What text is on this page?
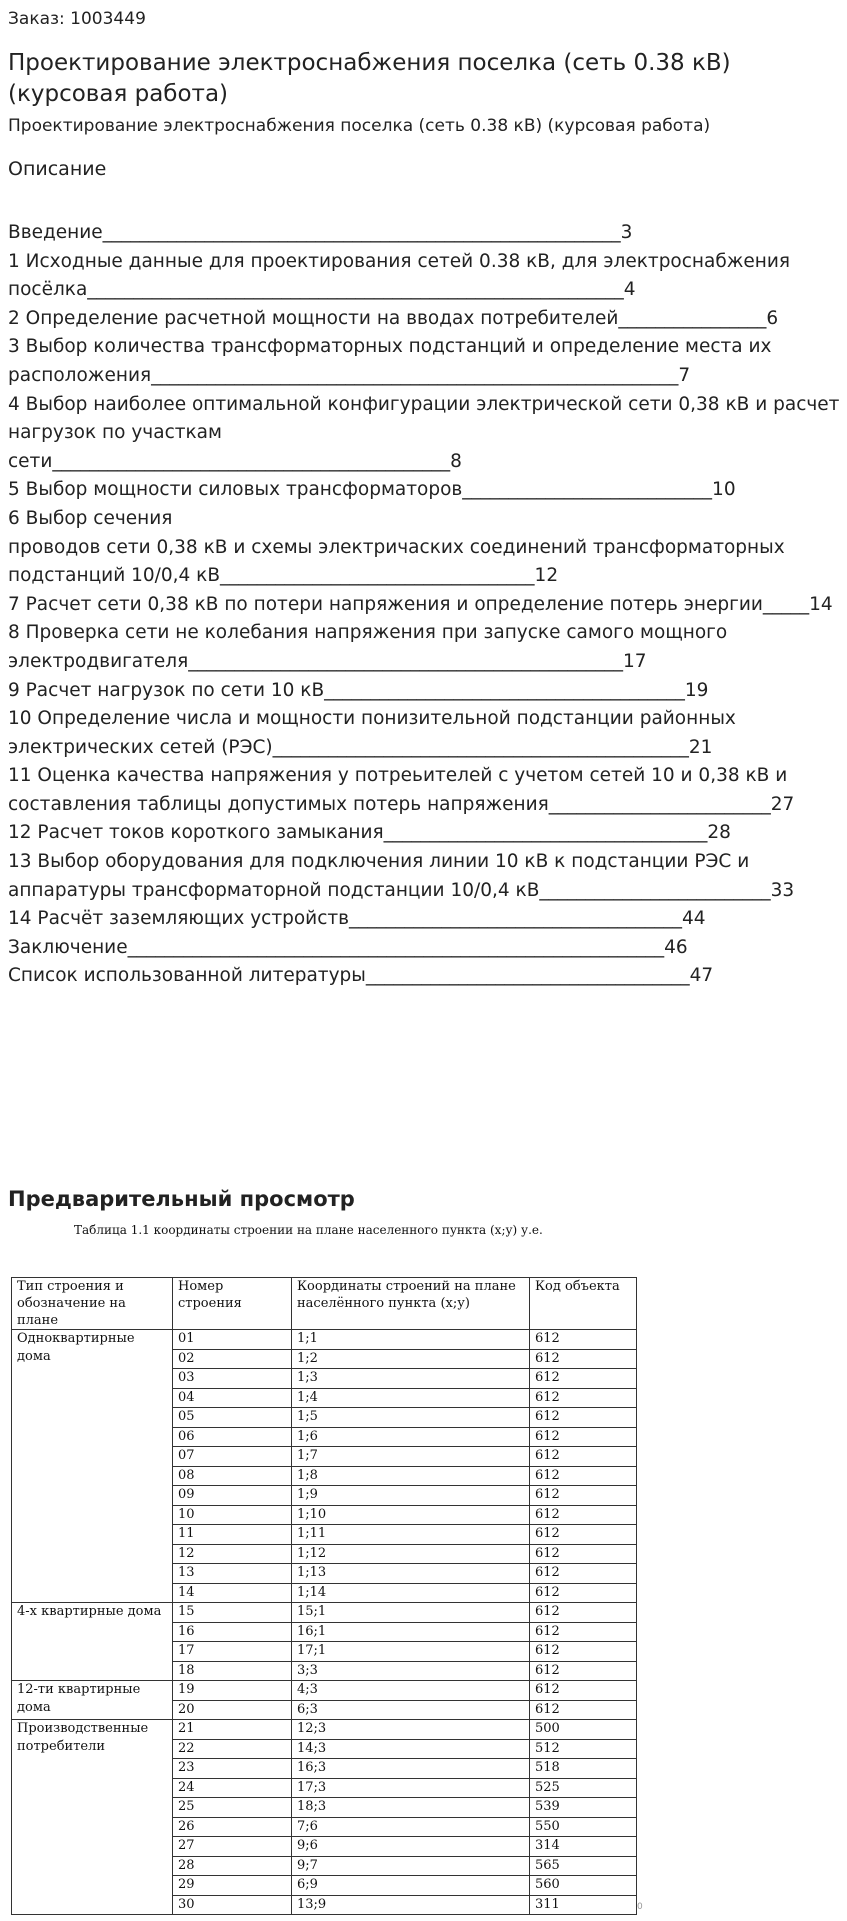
Заказ: 1003449
Проектирование электроснабжения поселка (сеть 0.38 кВ) (курсовая работа)
Проектирование электроснабжения поселка (сеть 0.38 кВ) (курсовая работа)
Описание
Введение________________________________________________________3
1 Исходные данные для проектирования сетей 0.38 кВ, для электроснабжения посёлка__________________________________________________________4
2 Определение расчетной мощности на вводах потребителей________________6
3 Выбор количества трансформаторных подстанций и определение места их расположения_________________________________________________________7
4 Выбор наиболее оптимальной конфигурации электрической сети 0,38 кВ и расчет нагрузок по участкам
сети___________________________________________8
5 Выбор мощности силовых трансформаторов___________________________10
6 Выбор сечения
проводов сети 0,38 кВ и схемы электричаских соединений трансформаторных подстанций 10/0,4 кВ__________________________________12
7 Расчет сети 0,38 кВ по потери напряжения и определение потерь энергии_____14
8 Проверка сети не колебания напряжения при запуске самого мощного электродвигателя_______________________________________________17
9 Расчет нагрузок по сети 10 кВ_______________________________________19
10 Определение числа и мощности понизительной подстанции районных электрических сетей (РЭС)_____________________________________________21
11 Оценка качества напряжения у потреьителей с учетом сетей 10 и 0,38 кВ и составления таблицы допустимых потерь напряжения________________________27
12 Расчет токов короткого замыкания___________________________________28
13 Выбор оборудования для подключения линии 10 кВ к подстанции РЭС и аппаратуры трансформаторной подстанции 10/0,4 кВ_________________________33
14 Расчёт заземляющих устройств____________________________________44
Заключение__________________________________________________________46
Список использованной литературы___________________________________47
Предварительный просмотр
Таблица 1.1 координаты строении на плане населенного пункта (х;у) у.е.
Тип строения и обозначение на плане	Номер строения	Координаты строений на плане населённого пункта (х;у)	Код объекта
Одноквартирные дома	01	1;1	612
	02	1;2	612
	03	1;3	612
	04	1;4	612
	05	1;5	612
	06	1;6	612
	07	1;7	612
	08	1;8	612
	09	1;9	612
	10	1;10	612
	11	1;11	612
	12	1;12	612
	13	1;13	612
	14	1;14	612
4-х квартирные дома	15	15;1	612
	16	16;1	612
	17	17;1	612
	18	3;3	612
12-ти квартирные дома	19	4;3	612
	20	6;3	612
Производственные потребители	21	12;3	500
	22	14;3	512
	23	16;3	518
	24	17;3	525
	25	18;3	539
	26	7;6	550
	27	9;6	314
	28	9;7	565
	29	6;9	560
	30	13;9	311	0
